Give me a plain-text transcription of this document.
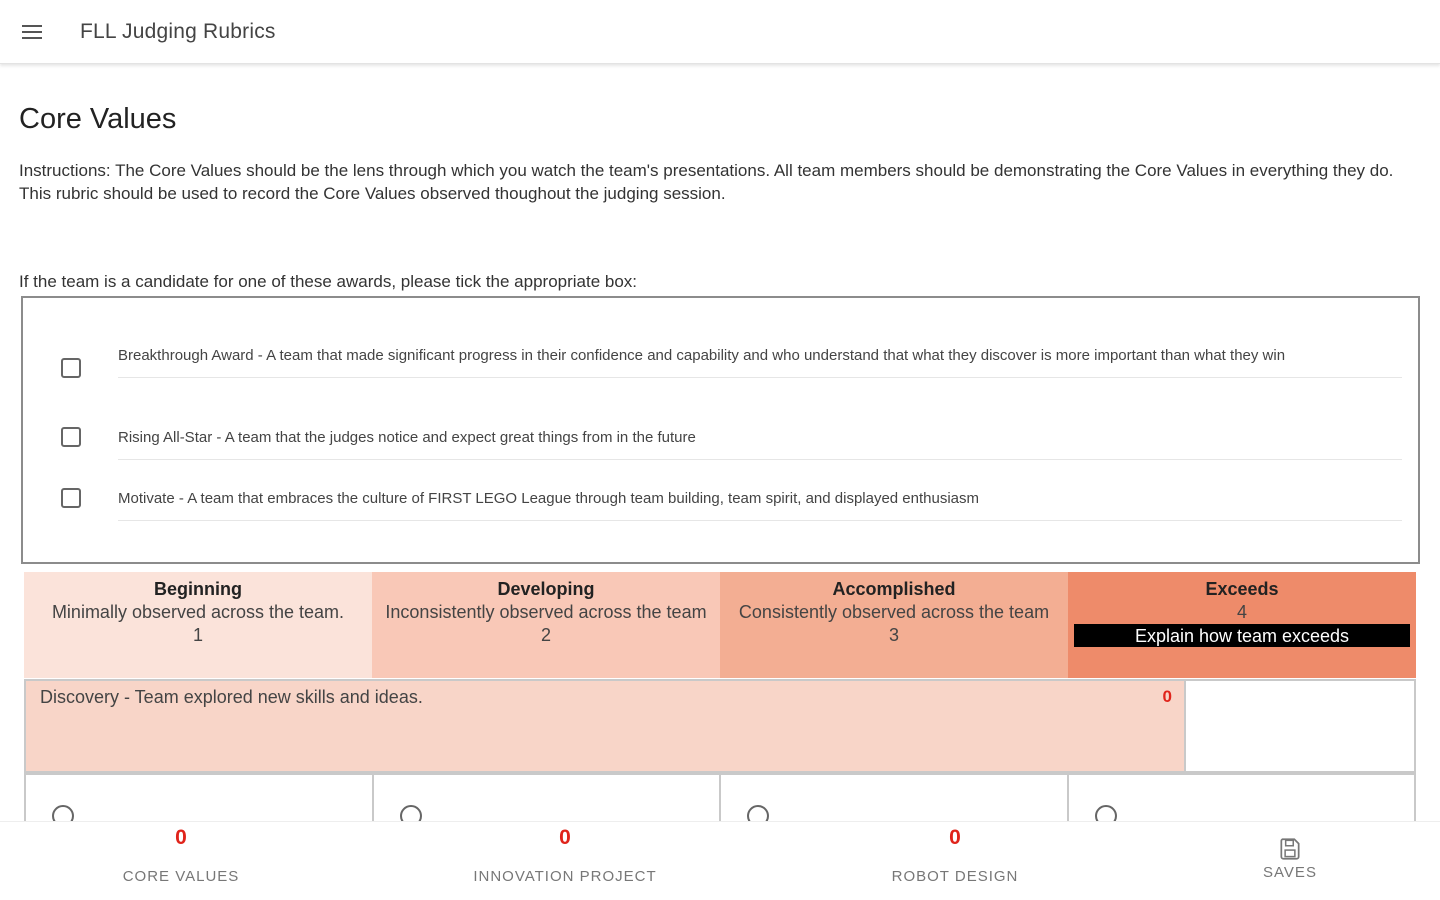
FLL Judging Rubrics
Core Values

Instructions: The Core Values should be the lens through which you watch the team's presentations. All team members should be demonstrating the Core Values in everything they do. This rubric should be used to record the Core Values observed thoughout the judging session.

If the team is a candidate for one of these awards, please tick the appropriate box:

Breakthrough Award - A team that made significant progress in their confidence and capability and who understand that what they discover is more important than what they win
Rising All-Star - A team that the judges notice and expect great things from in the future
Motivate - A team that embraces the culture of FIRST LEGO League through team building, team spirit, and displayed enthusiasm
Beginning
Minimally observed across the team.
1
Developing
Inconsistently observed across the team
2
Accomplished
Consistently observed across the team
3
Exceeds
4
Explain how team exceeds
Discovery - Team explored new skills and ideas.	0
0
CORE VALUES
0
INNOVATION PROJECT
0
ROBOT DESIGN	SAVES
